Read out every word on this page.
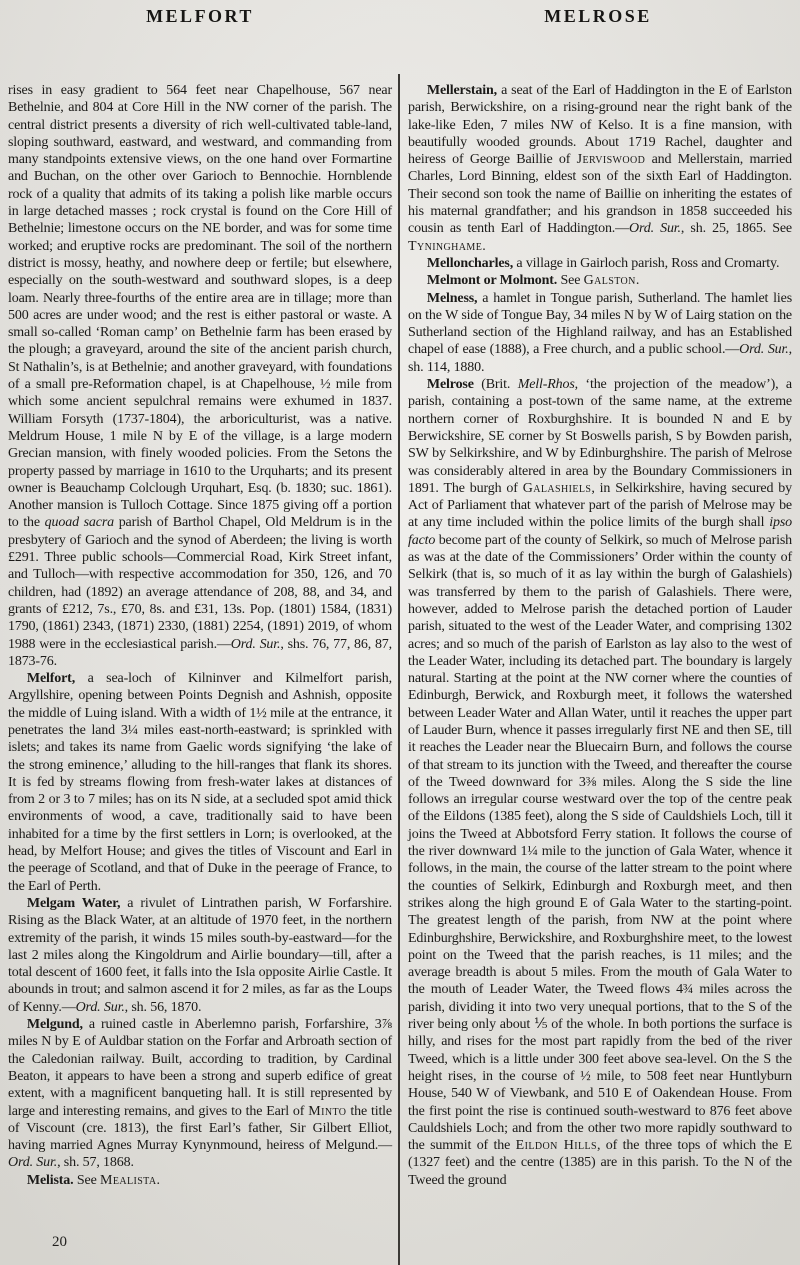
MELFORT	MELROSE

rises in easy gradient to 564 feet near Chapelhouse, 567 near Bethelnie, and 804 at Core Hill in the NW corner of the parish. The central district presents a diversity of rich well-cultivated table-land, sloping southward, eastward, and westward, and commanding from many standpoints extensive views, on the one hand over Formartine and Buchan, on the other over Garioch to Bennochie. Hornblende rock of a quality that admits of its taking a polish like marble occurs in large detached masses ; rock crystal is found on the Core Hill of Bethelnie; limestone occurs on the NE border, and was for some time worked; and eruptive rocks are predominant. The soil of the northern district is mossy, heathy, and nowhere deep or fertile; but elsewhere, especially on the south-westward and southward slopes, is a deep loam. Nearly three-fourths of the entire area are in tillage; more than 500 acres are under wood; and the rest is either pastoral or waste. A small so-called ‘Roman camp’ on Bethelnie farm has been erased by the plough; a graveyard, around the site of the ancient parish church, St Nathalin’s, is at Bethelnie; and another graveyard, with foundations of a small pre-Reformation chapel, is at Chapelhouse, ½ mile from which some ancient sepulchral remains were exhumed in 1837. William Forsyth (1737-1804), the arboriculturist, was a native. Meldrum House, 1 mile N by E of the village, is a large modern Grecian mansion, with finely wooded policies. From the Setons the property passed by marriage in 1610 to the Urquharts; and its present owner is Beauchamp Colclough Urquhart, Esq. (b. 1830; suc. 1861). Another mansion is Tulloch Cottage. Since 1875 giving off a portion to the quoad sacra parish of Barthol Chapel, Old Meldrum is in the presbytery of Garioch and the synod of Aberdeen; the living is worth £291. Three public schools—Commercial Road, Kirk Street infant, and Tulloch—with respective accommodation for 350, 126, and 70 children, had (1892) an average attendance of 208, 88, and 34, and grants of £212, 7s., £70, 8s. and £31, 13s. Pop. (1801) 1584, (1831) 1790, (1861) 2343, (1871) 2330, (1881) 2254, (1891) 2019, of whom 1988 were in the ecclesiastical parish.—Ord. Sur., shs. 76, 77, 86, 87, 1873-76.

Melfort, a sea-loch of Kilninver and Kilmelfort parish, Argyllshire, opening between Points Degnish and Ashnish, opposite the middle of Luing island. With a width of 1½ mile at the entrance, it penetrates the land 3¼ miles east-north-eastward; is sprinkled with islets; and takes its name from Gaelic words signifying ‘the lake of the strong eminence,’ alluding to the hill-ranges that flank its shores. It is fed by streams flowing from fresh-water lakes at distances of from 2 or 3 to 7 miles; has on its N side, at a secluded spot amid thick environments of wood, a cave, traditionally said to have been inhabited for a time by the first settlers in Lorn; is overlooked, at the head, by Melfort House; and gives the titles of Viscount and Earl in the peerage of Scotland, and that of Duke in the peerage of France, to the Earl of Perth.

Melgam Water, a rivulet of Lintrathen parish, W Forfarshire. Rising as the Black Water, at an altitude of 1970 feet, in the northern extremity of the parish, it winds 15 miles south-by-eastward—for the last 2 miles along the Kingoldrum and Airlie boundary—till, after a total descent of 1600 feet, it falls into the Isla opposite Airlie Castle. It abounds in trout; and salmon ascend it for 2 miles, as far as the Loups of Kenny.—Ord. Sur., sh. 56, 1870.

Melgund, a ruined castle in Aberlemno parish, Forfarshire, 3⅞ miles N by E of Auldbar station on the Forfar and Arbroath section of the Caledonian railway. Built, according to tradition, by Cardinal Beaton, it appears to have been a strong and superb edifice of great extent, with a magnificent banqueting hall. It is still represented by large and interesting remains, and gives to the Earl of Minto the title of Viscount (cre. 1813), the first Earl’s father, Sir Gilbert Elliot, having married Agnes Murray Kynynmound, heiress of Melgund.—Ord. Sur., sh. 57, 1868.

Melista. See Mealista.

Mellerstain, a seat of the Earl of Haddington in the E of Earlston parish, Berwickshire, on a rising-ground near the right bank of the lake-like Eden, 7 miles NW of Kelso. It is a fine mansion, with beautifully wooded grounds. About 1719 Rachel, daughter and heiress of George Baillie of Jerviswood and Mellerstain, married Charles, Lord Binning, eldest son of the sixth Earl of Haddington. Their second son took the name of Baillie on inheriting the estates of his maternal grandfather; and his grandson in 1858 succeeded his cousin as tenth Earl of Haddington.—Ord. Sur., sh. 25, 1865. See Tyninghame.

Melloncharles, a village in Gairloch parish, Ross and Cromarty.

Melmont or Molmont. See Galston.

Melness, a hamlet in Tongue parish, Sutherland. The hamlet lies on the W side of Tongue Bay, 34 miles N by W of Lairg station on the Sutherland section of the Highland railway, and has an Established chapel of ease (1888), a Free church, and a public school.—Ord. Sur., sh. 114, 1880.

Melrose (Brit. Mell-Rhos, ‘the projection of the meadow’), a parish, containing a post-town of the same name, at the extreme northern corner of Roxburghshire. It is bounded N and E by Berwickshire, SE corner by St Boswells parish, S by Bowden parish, SW by Selkirkshire, and W by Edinburghshire. The parish of Melrose was considerably altered in area by the Boundary Commissioners in 1891. The burgh of Galashiels, in Selkirkshire, having secured by Act of Parliament that whatever part of the parish of Melrose may be at any time included within the police limits of the burgh shall ipso facto become part of the county of Selkirk, so much of Melrose parish as was at the date of the Commissioners’ Order within the county of Selkirk (that is, so much of it as lay within the burgh of Galashiels) was transferred by them to the parish of Galashiels. There were, however, added to Melrose parish the detached portion of Lauder parish, situated to the west of the Leader Water, and comprising 1302 acres; and so much of the parish of Earlston as lay also to the west of the Leader Water, including its detached part. The boundary is largely natural. Starting at the point at the NW corner where the counties of Edinburgh, Berwick, and Roxburgh meet, it follows the watershed between Leader Water and Allan Water, until it reaches the upper part of Lauder Burn, whence it passes irregularly first NE and then SE, till it reaches the Leader near the Bluecairn Burn, and follows the course of that stream to its junction with the Tweed, and thereafter the course of the Tweed downward for 3⅜ miles. Along the S side the line follows an irregular course westward over the top of the centre peak of the Eildons (1385 feet), along the S side of Cauldshiels Loch, till it joins the Tweed at Abbotsford Ferry station. It follows the course of the river downward 1¼ mile to the junction of Gala Water, whence it follows, in the main, the course of the latter stream to the point where the counties of Selkirk, Edinburgh and Roxburgh meet, and then strikes along the high ground E of Gala Water to the starting-point. The greatest length of the parish, from NW at the point where Edinburghshire, Berwickshire, and Roxburghshire meet, to the lowest point on the Tweed that the parish reaches, is 11 miles; and the average breadth is about 5 miles. From the mouth of Gala Water to the mouth of Leader Water, the Tweed flows 4¾ miles across the parish, dividing it into two very unequal portions, that to the S of the river being only about ⅕ of the whole. In both portions the surface is hilly, and rises for the most part rapidly from the bed of the river Tweed, which is a little under 300 feet above sea-level. On the S the height rises, in the course of ½ mile, to 508 feet near Huntlyburn House, 540 W of Viewbank, and 510 E of Oakendean House. From the first point the rise is continued south-westward to 876 feet above Cauldshiels Loch; and from the other two more rapidly southward to the summit of the Eildon Hills, of the three tops of which the E (1327 feet) and the centre (1385) are in this parish. To the N of the Tweed the ground

20
